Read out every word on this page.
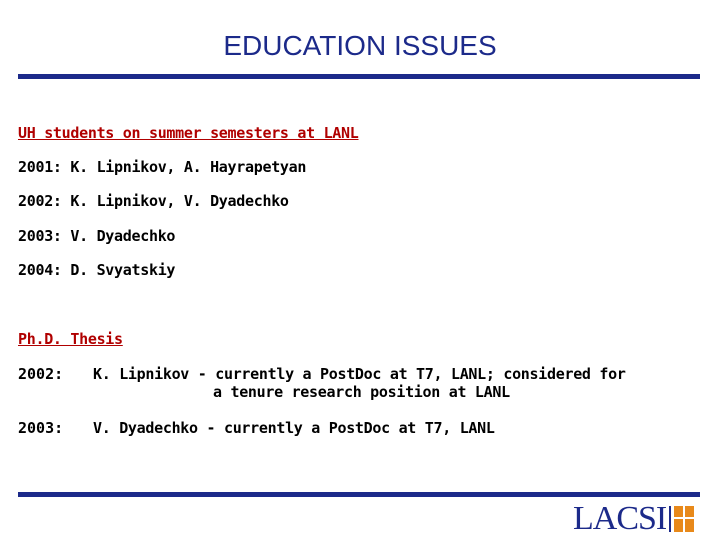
EDUCATION ISSUES
UH students on summer semesters at LANL
2001: K. Lipnikov, A. Hayrapetyan
2002: K. Lipnikov, V. Dyadechko
2003: V. Dyadechko
2004: D. Svyatskiy
Ph.D. Thesis
2002: K. Lipnikov - currently a PostDoc at T7, LANL; considered for
a tenure research position at LANL
2003: V. Dyadechko - currently a PostDoc at T7, LANL
LACSI
